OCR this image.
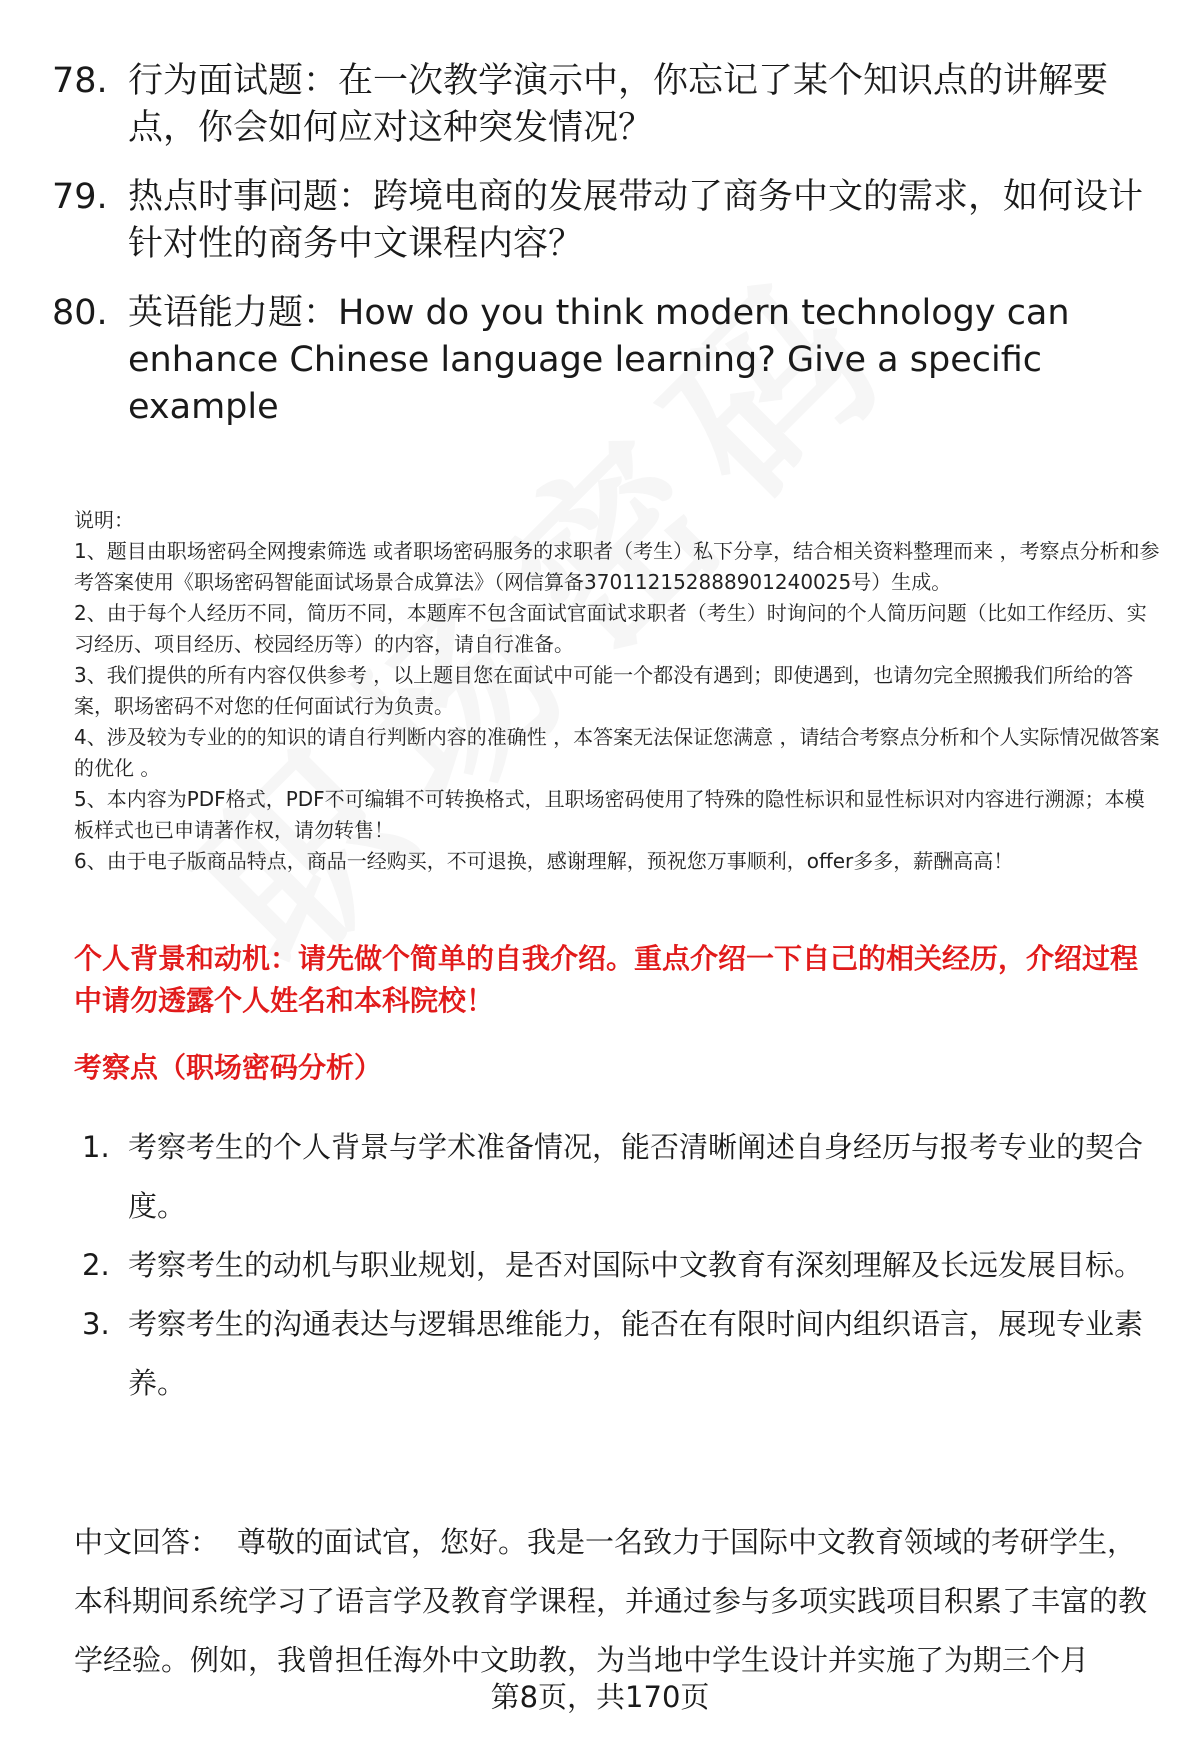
78. 行为面试题：在一次教学演示中，你忘记了某个知识点的讲解要点，你会如何应对这种突发情况？
79. 热点时事问题：跨境电商的发展带动了商务中文的需求，如何设计针对性的商务中文课程内容？
80. 英语能力题：How do you think modern technology can enhance Chinese language learning? Give a specific example

说明：

1、题目由职场密码全网搜索筛选 或者职场密码服务的求职者（考生）私下分享，结合相关资料整理而来 ，考察点分析和参考答案使用《职场密码智能面试场景合成算法》（网信算备370112152888901240025号）生成。

2、由于每个人经历不同，简历不同，本题库不包含面试官面试求职者（考生）时询问的个人简历问题（比如工作经历、实习经历、项目经历、校园经历等）的内容，请自行准备。

3、我们提供的所有内容仅供参考 ，以上题目您在面试中可能一个都没有遇到；即使遇到，也请勿完全照搬我们所给的答案，职场密码不对您的任何面试行为负责。

4、涉及较为专业的的知识的请自行判断内容的准确性 ，本答案无法保证您满意 ，请结合考察点分析和个人实际情况做答案的优化 。

5、本内容为PDF格式，PDF不可编辑不可转换格式，且职场密码使用了特殊的隐性标识和显性标识对内容进行溯源；本模板样式也已申请著作权，请勿转售！

6、由于电子版商品特点，商品一经购买，不可退换，感谢理解，预祝您万事顺利，offer多多，薪酬高高！

个人背景和动机：请先做个简单的自我介绍。重点介绍一下自己的相关经历，介绍过程中请勿透露个人姓名和本科院校！
考察点（职场密码分析）
1. 考察考生的个人背景与学术准备情况，能否清晰阐述自身经历与报考专业的契合度。
2. 考察考生的动机与职业规划，是否对国际中文教育有深刻理解及长远发展目标。
3. 考察考生的沟通表达与逻辑思维能力，能否在有限时间内组织语言，展现专业素养。
中文回答： 尊敬的面试官，您好。我是一名致力于国际中文教育领域的考研学生，本科期间系统学习了语言学及教育学课程，并通过参与多项实践项目积累了丰富的教学经验。例如，我曾担任海外中文助教，为当地中学生设计并实施了为期三个月
第8页，共170页
